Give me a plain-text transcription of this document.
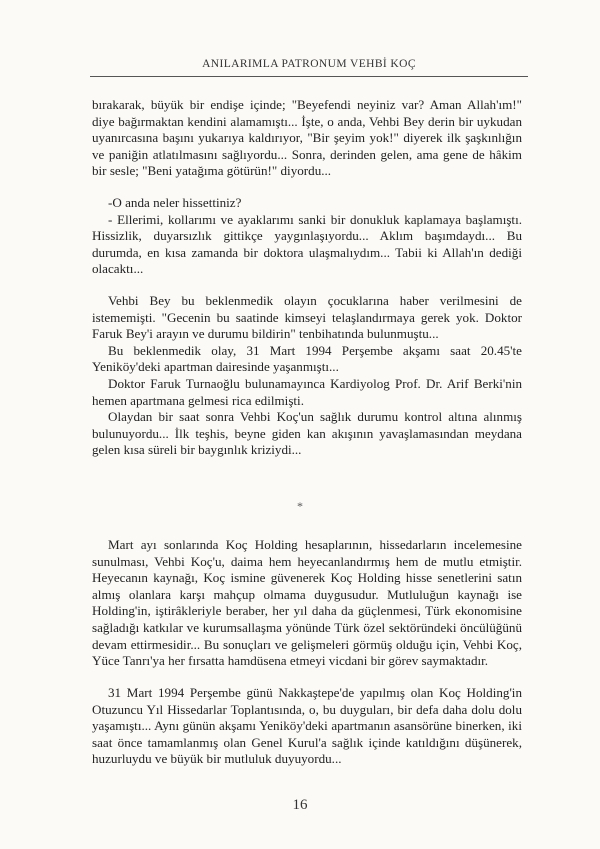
ANILARIMLA PATRONUM VEHBİ KOÇ

bırakarak, büyük bir endişe içinde; "Beyefendi neyiniz var? Aman Allah'ım!" diye bağırmaktan kendini alamamıştı... İşte, o anda, Vehbi Bey derin bir uykudan uyanırcasına başını yukarıya kaldırıyor, "Bir şeyim yok!" diyerek ilk şaşkınlığın ve paniğin atlatılmasını sağlıyordu... Sonra, derinden gelen, ama gene de hâkim bir sesle; "Beni yatağıma götürün!" diyordu...

-O anda neler hissettiniz?

- Ellerimi, kollarımı ve ayaklarımı sanki bir donukluk kaplamaya başlamıştı. Hissizlik, duyarsızlık gittikçe yaygınlaşıyordu... Aklım başımdaydı... Bu durumda, en kısa zamanda bir doktora ulaşmalıydım... Tabii ki Allah'ın dediği olacaktı...

Vehbi Bey bu beklenmedik olayın çocuklarına haber verilmesini de istememişti. "Gecenin bu saatinde kimseyi telaşlandırmaya gerek yok. Doktor Faruk Bey'i arayın ve durumu bildirin" tenbihatında bulunmuştu...

Bu beklenmedik olay, 31 Mart 1994 Perşembe akşamı saat 20.45'te Yeniköy'deki apartman dairesinde yaşanmıştı...

Doktor Faruk Turnaoğlu bulunamayınca Kardiyolog Prof. Dr. Arif Berki'nin hemen apartmana gelmesi rica edilmişti.

Olaydan bir saat sonra Vehbi Koç'un sağlık durumu kontrol altına alınmış bulunuyordu... İlk teşhis, beyne giden kan akışının yavaşlamasından meydana gelen kısa süreli bir baygınlık kriziydi...

*

Mart ayı sonlarında Koç Holding hesaplarının, hissedarların incelemesine sunulması, Vehbi Koç'u, daima hem heyecanlandırmış hem de mutlu etmiştir. Heyecanın kaynağı, Koç ismine güvenerek Koç Holding hisse senetlerini satın almış olanlara karşı mahçup olmama duygusudur. Mutluluğun kaynağı ise Holding'in, iştirâkleriyle beraber, her yıl daha da güçlenmesi, Türk ekonomisine sağladığı katkılar ve kurumsallaşma yönünde Türk özel sektöründeki öncülüğünü devam ettirmesidir... Bu sonuçları ve gelişmeleri görmüş olduğu için, Vehbi Koç, Yüce Tanrı'ya her fırsatta hamdüsena etmeyi vicdani bir görev saymaktadır.

31 Mart 1994 Perşembe günü Nakkaştepe'de yapılmış olan Koç Holding'in Otuzuncu Yıl Hissedarlar Toplantısında, o, bu duyguları, bir defa daha dolu dolu yaşamıştı... Aynı günün akşamı Yeniköy'deki apartmanın asansörüne binerken, iki saat önce tamamlanmış olan Genel Kurul'a sağlık içinde katıldığını düşünerek, huzurluydu ve büyük bir mutluluk duyuyordu...

16
